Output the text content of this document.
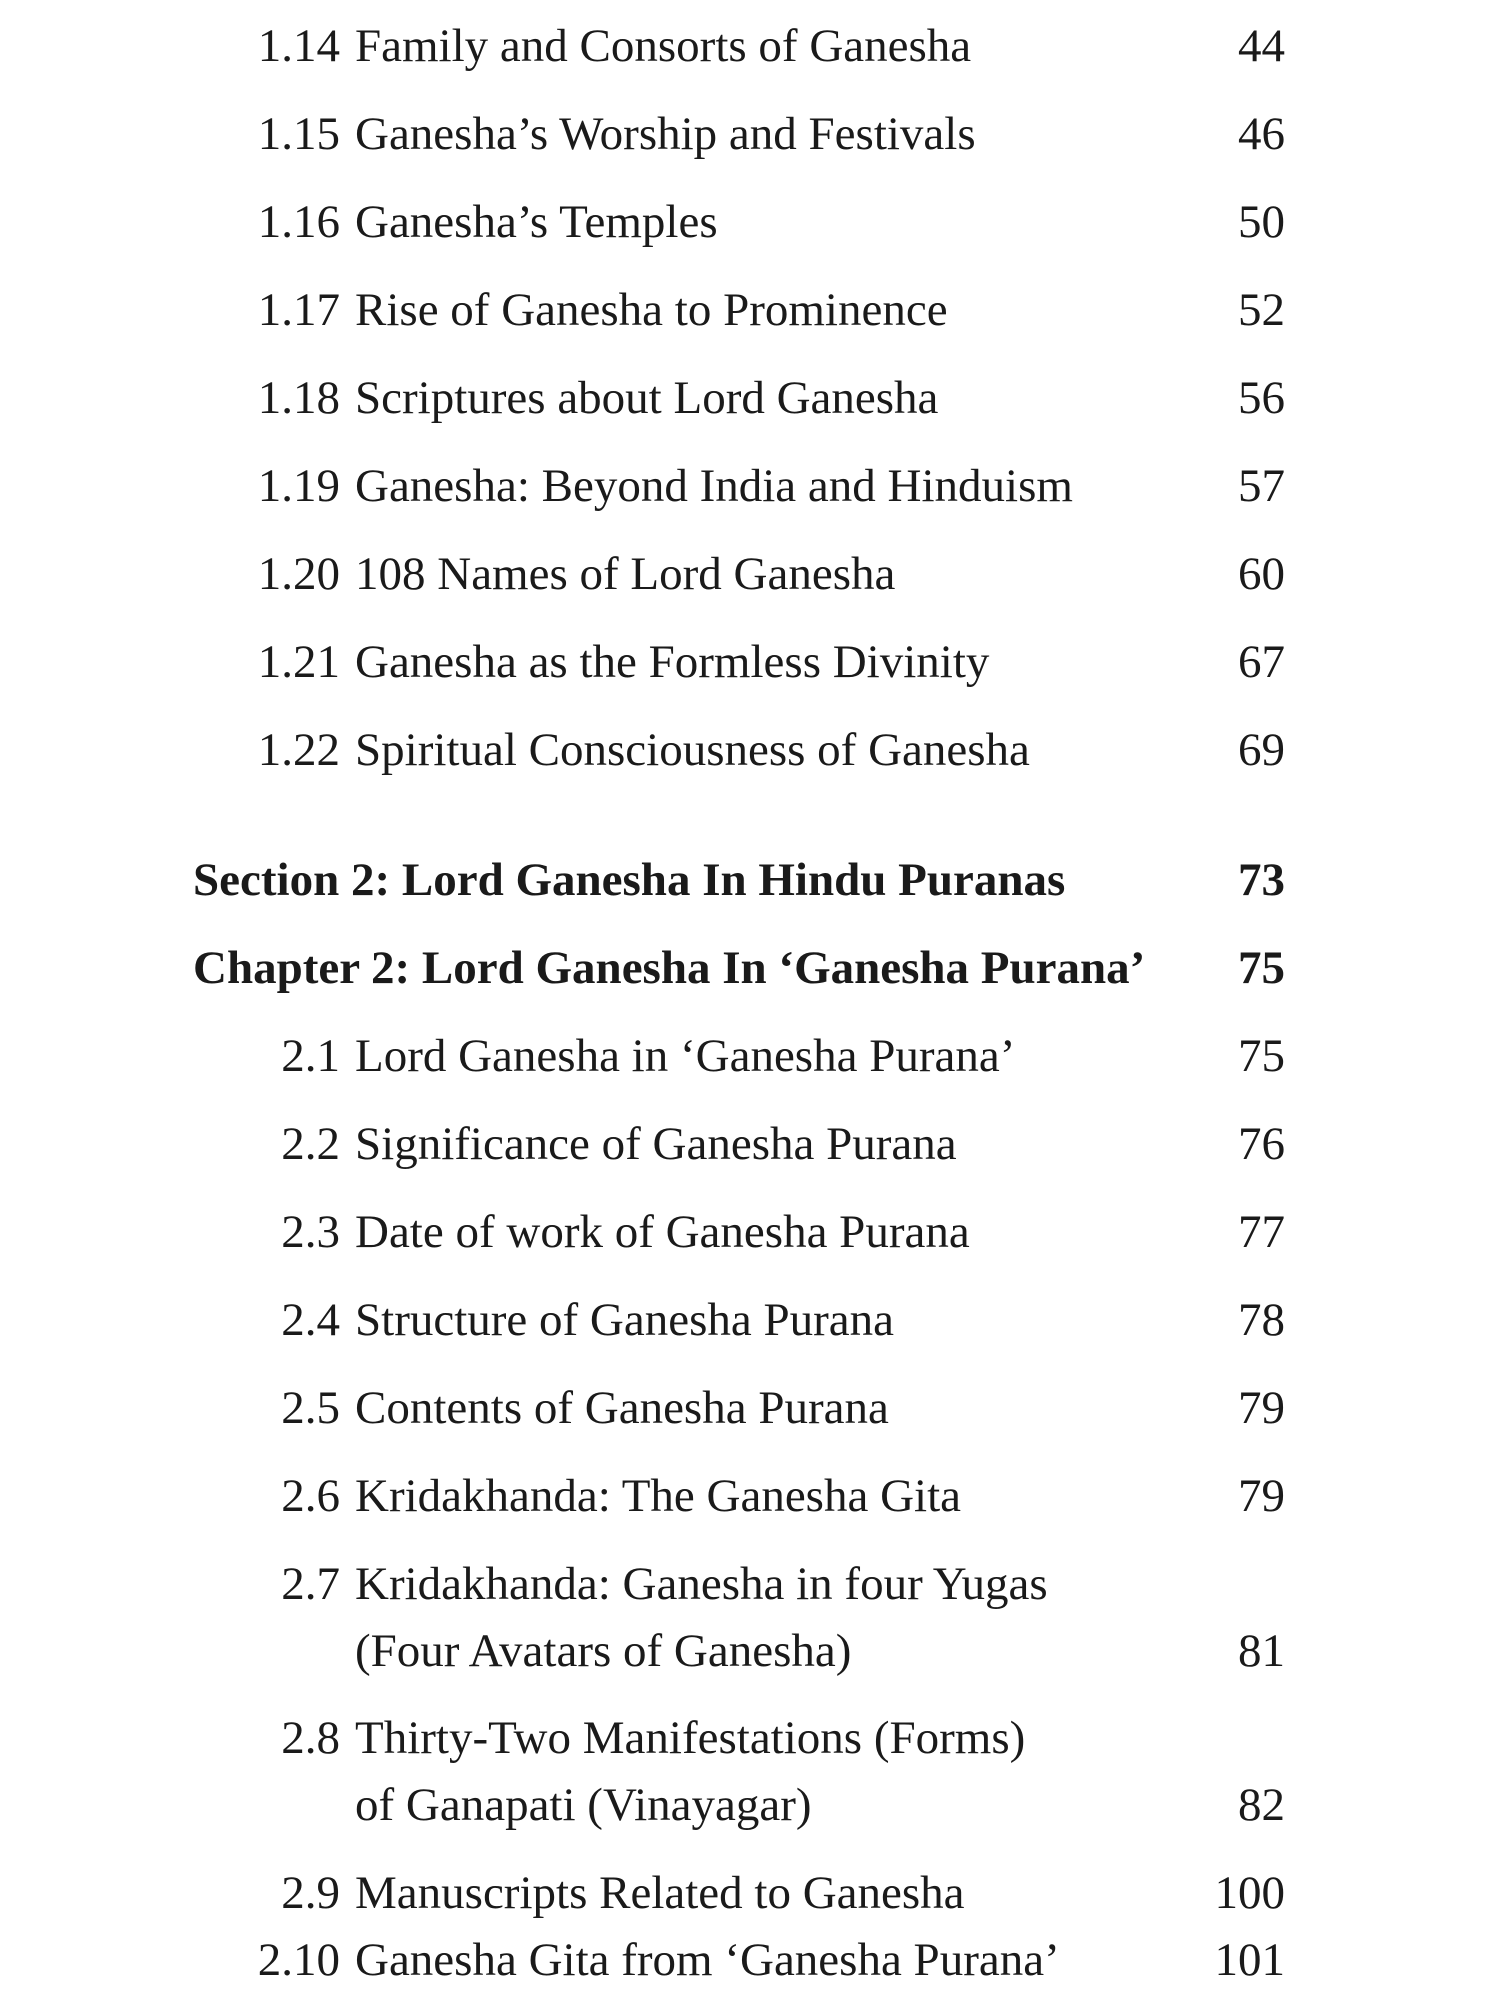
1.14 Family and Consorts of Ganesha	44
1.15 Ganesha’s Worship and Festivals	46
1.16 Ganesha’s Temples	50
1.17 Rise of Ganesha to Prominence	52
1.18 Scriptures about Lord Ganesha	56
1.19 Ganesha: Beyond India and Hinduism	57
1.20 108 Names of Lord Ganesha	60
1.21 Ganesha as the Formless Divinity	67
1.22 Spiritual Consciousness of Ganesha	69
Section 2: Lord Ganesha In Hindu Puranas	73
Chapter 2: Lord Ganesha In ‘Ganesha Purana’ 75
2.1 Lord Ganesha in ‘Ganesha Purana’	75
2.2 Significance of Ganesha Purana	76
2.3 Date of work of Ganesha Purana	77
2.4 Structure of Ganesha Purana	78
2.5 Contents of Ganesha Purana	79
2.6 Kridakhanda: The Ganesha Gita	79
2.7 Kridakhanda: Ganesha in four Yugas
(Four Avatars of Ganesha)	81
2.8 Thirty-Two Manifestations (Forms)
of Ganapati (Vinayagar)	82
2.9 Manuscripts Related to Ganesha	100
2.10 Ganesha Gita from ‘Ganesha Purana’	101
